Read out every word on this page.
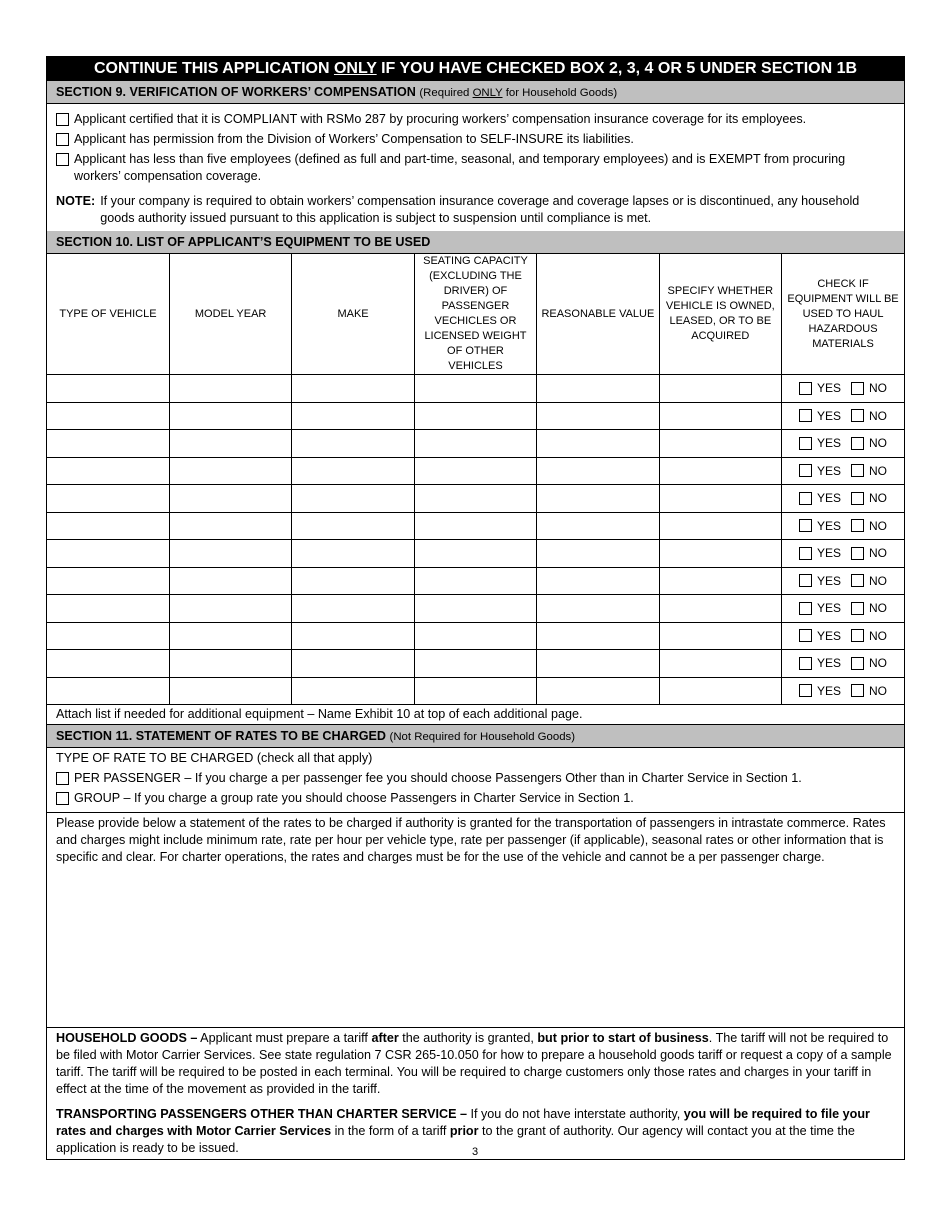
CONTINUE THIS APPLICATION ONLY IF YOU HAVE CHECKED BOX 2, 3, 4 OR 5 UNDER SECTION 1B
SECTION 9. VERIFICATION OF WORKERS’ COMPENSATION (Required ONLY for Household Goods)
Applicant certified that it is COMPLIANT with RSMo 287 by procuring workers’ compensation insurance coverage for its employees.
Applicant has permission from the Division of Workers’ Compensation to SELF-INSURE its liabilities.
Applicant has less than five employees (defined as full and part-time, seasonal, and temporary employees) and is EXEMPT from procuring workers’ compensation coverage.
NOTE: If your company is required to obtain workers’ compensation insurance coverage and coverage lapses or is discontinued, any household goods authority issued pursuant to this application is subject to suspension until compliance is met.
SECTION 10. LIST OF APPLICANT’S EQUIPMENT TO BE USED
TYPE OF VEHICLE	MODEL YEAR	MAKE	SEATING CAPACITY (EXCLUDING THE DRIVER) OF PASSENGER VECHICLES OR LICENSED WEIGHT OF OTHER VEHICLES	REASONABLE VALUE	SPECIFY WHETHER VEHICLE IS OWNED, LEASED, OR TO BE ACQUIRED	CHECK IF EQUIPMENT WILL BE USED TO HAUL HAZARDOUS MATERIALS

						YES NO

						YES NO

						YES NO

						YES NO

						YES NO

						YES NO

						YES NO

						YES NO

						YES NO

						YES NO

						YES NO

						YES NO
Attach list if needed for additional equipment – Name Exhibit 10 at top of each additional page.
SECTION 11. STATEMENT OF RATES TO BE CHARGED (Not Required for Household Goods)
TYPE OF RATE TO BE CHARGED (check all that apply)
PER PASSENGER – If you charge a per passenger fee you should choose Passengers Other than in Charter Service in Section 1.
GROUP – If you charge a group rate you should choose Passengers in Charter Service in Section 1.
Please provide below a statement of the rates to be charged if authority is granted for the transportation of passengers in intrastate commerce. Rates and charges might include minimum rate, rate per hour per vehicle type, rate per passenger (if applicable), seasonal rates or other information that is specific and clear. For charter operations, the rates and charges must be for the use of the vehicle and cannot be a per passenger charge.
HOUSEHOLD GOODS – Applicant must prepare a tariff after the authority is granted, but prior to start of business. The tariff will not be required to be filed with Motor Carrier Services. See state regulation 7 CSR 265-10.050 for how to prepare a household goods tariff or request a copy of a sample tariff. The tariff will be required to be posted in each terminal. You will be required to charge customers only those rates and charges in your tariff in effect at the time of the movement as provided in the tariff.
TRANSPORTING PASSENGERS OTHER THAN CHARTER SERVICE – If you do not have interstate authority, you will be required to file your rates and charges with Motor Carrier Services in the form of a tariff prior to the grant of authority. Our agency will contact you at the time the application is ready to be issued.	3
